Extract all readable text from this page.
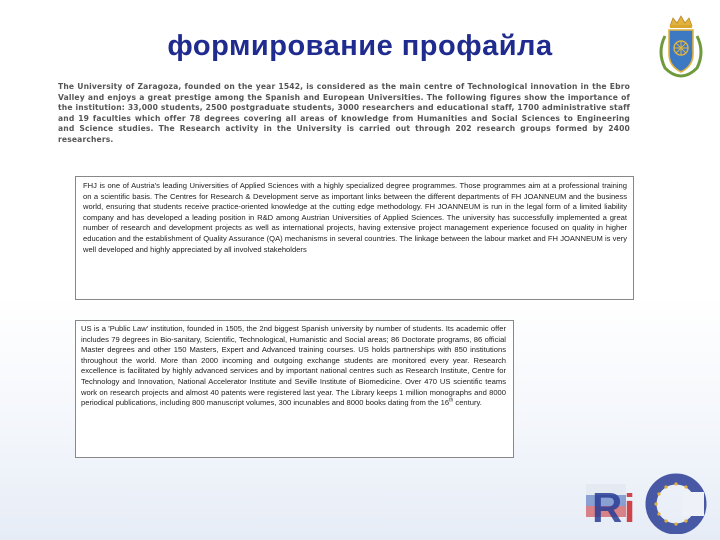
формирование профайла

The University of Zaragoza, founded on the year 1542, is considered as the main centre of Technological innovation in the Ebro Valley and enjoys a great prestige among the Spanish and European Universities. The following figures show the importance of the institution: 33,000 students, 2500 postgraduate students, 3000 researchers and educational staff, 1700 administrative staff and 19 faculties which offer 78 degrees covering all areas of knowledge from Humanities and Social Sciences to Engineering and Science studies. The Research activity in the University is carried out through 202 research groups formed by 2400 researchers.

FHJ is one of Austria's leading Universities of Applied Sciences with a highly specialized degree programmes. Those programmes aim at a professional training on a scientific basis. The Centres for Research & Development serve as important links between the different departments of FH JOANNEUM and the business world, ensuring that students receive practice-oriented knowledge at the cutting edge methodology. FH JOANNEUM is run in the legal form of a limited liability company and has developed a leading position in R&D among Austrian Universities of Applied Sciences. The university has successfully implemented a great number of research and development projects as well as international projects, having extensive project management experience focused on quality in higher education and the establishment of Quality Assurance (QA) mechanisms in several countries. The linkage between the labour market and FH JOANNEUM is very well developed and highly appreciated by all involved stakeholders

US is a 'Public Law' institution, founded in 1505, the 2nd biggest Spanish university by number of students. Its academic offer includes 79 degrees in Bio-sanitary, Scientific, Technological, Humanistic and Social areas; 86 Doctorate programs, 86 official Master degrees and other 150 Masters, Expert and Advanced training courses. US holds partnerships with 850 institutions throughout the world. More than 2000 incoming and outgoing exchange students are monitored every year. Research excellence is facilitated by highly advanced services and by important national centres such as Research Institute, Centre for Technology and Innovation, National Accelerator Institute and Seville Institute of Biomedicine. Over 470 US scientific teams work on research projects and almost 40 patents were registered last year. The Library keeps 1 million monographs and 8000 periodical publications, including 800 manuscript volumes, 300 incunables and 8000 books dating from the 16th century.

R i
